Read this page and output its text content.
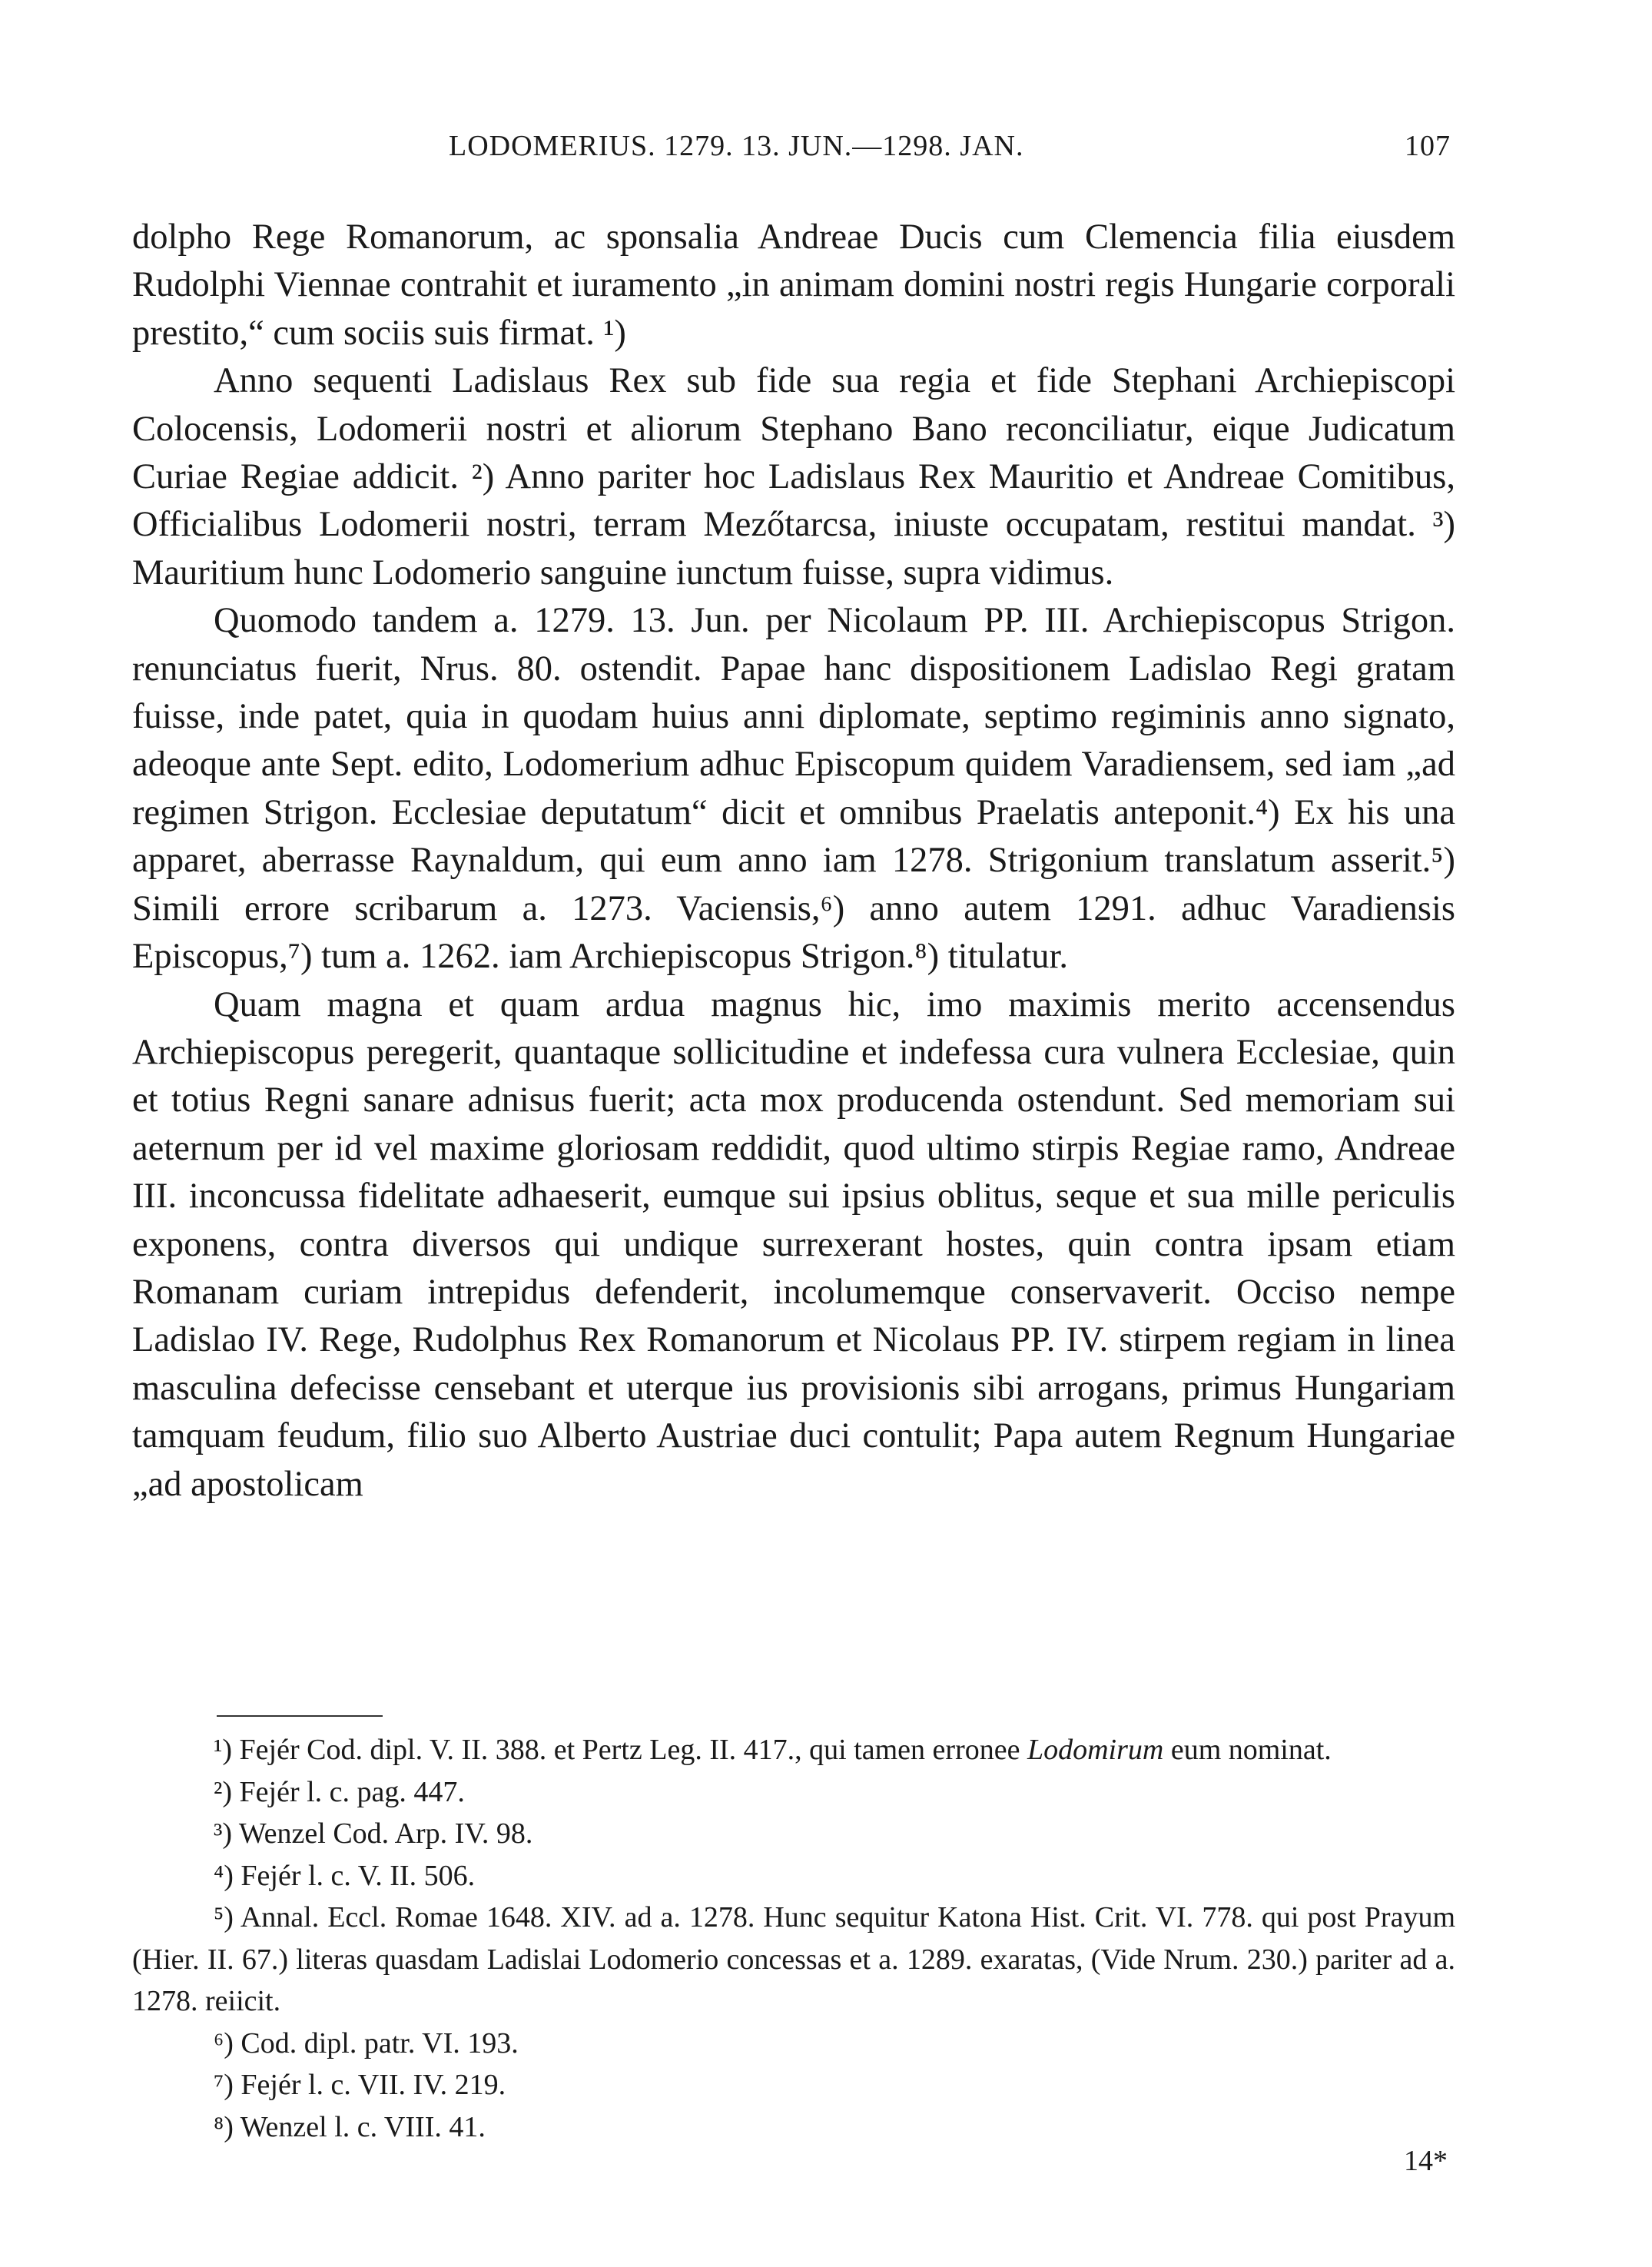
LODOMERIUS. 1279. 13. JUN.—1298. JAN.	107

dolpho Rege Romanorum, ac sponsalia Andreae Ducis cum Clemencia filia eiusdem Rudolphi Viennae contrahit et iuramento „in animam domini nostri regis Hungarie corporali prestito,“ cum sociis suis firmat. ¹)

Anno sequenti Ladislaus Rex sub fide sua regia et fide Stephani Archiepiscopi Colocensis, Lodomerii nostri et aliorum Stephano Bano reconciliatur, eique Judicatum Curiae Regiae addicit. ²) Anno pariter hoc Ladislaus Rex Mauritio et Andreae Comitibus, Officialibus Lodomerii nostri, terram Mezőtarcsa, iniuste occupatam, restitui mandat. ³) Mauritium hunc Lodomerio sanguine iunctum fuisse, supra vidimus.

Quomodo tandem a. 1279. 13. Jun. per Nicolaum PP. III. Archiepiscopus Strigon. renunciatus fuerit, Nrus. 80. ostendit. Papae hanc dispositionem Ladislao Regi gratam fuisse, inde patet, quia in quodam huius anni diplomate, septimo regiminis anno signato, adeoque ante Sept. edito, Lodomerium adhuc Episcopum quidem Varadiensem, sed iam „ad regimen Strigon. Ecclesiae deputatum“ dicit et omnibus Praelatis anteponit.⁴) Ex his una apparet, aberrasse Raynaldum, qui eum anno iam 1278. Strigonium translatum asserit.⁵) Simili errore scribarum a. 1273. Vaciensis,⁶) anno autem 1291. adhuc Varadiensis Episcopus,⁷) tum a. 1262. iam Archiepiscopus Strigon.⁸) titulatur.

Quam magna et quam ardua magnus hic, imo maximis merito accensendus Archiepiscopus peregerit, quantaque sollicitudine et indefessa cura vulnera Ecclesiae, quin et totius Regni sanare adnisus fuerit; acta mox producenda ostendunt. Sed memoriam sui aeternum per id vel maxime gloriosam reddidit, quod ultimo stirpis Regiae ramo, Andreae III. inconcussa fidelitate adhaeserit, eumque sui ipsius oblitus, seque et sua mille periculis exponens, contra diversos qui undique surrexerant hostes, quin contra ipsam etiam Romanam curiam intrepidus defenderit, incolumemque conservaverit. Occiso nempe Ladislao IV. Rege, Rudolphus Rex Romanorum et Nicolaus PP. IV. stirpem regiam in linea masculina defecisse censebant et uterque ius provisionis sibi arrogans, primus Hungariam tamquam feudum, filio suo Alberto Austriae duci contulit; Papa autem Regnum Hungariae „ad apostolicam

¹) Fejér Cod. dipl. V. II. 388. et Pertz Leg. II. 417., qui tamen erronee Lodomirum eum nominat.

²) Fejér l. c. pag. 447.

³) Wenzel Cod. Arp. IV. 98.

⁴) Fejér l. c. V. II. 506.

⁵) Annal. Eccl. Romae 1648. XIV. ad a. 1278. Hunc sequitur Katona Hist. Crit. VI. 778. qui post Prayum (Hier. II. 67.) literas quasdam Ladislai Lodomerio concessas et a. 1289. exaratas, (Vide Nrum. 230.) pariter ad a. 1278. reiicit.

⁶) Cod. dipl. patr. VI. 193.

⁷) Fejér l. c. VII. IV. 219.

⁸) Wenzel l. c. VIII. 41.

14*
